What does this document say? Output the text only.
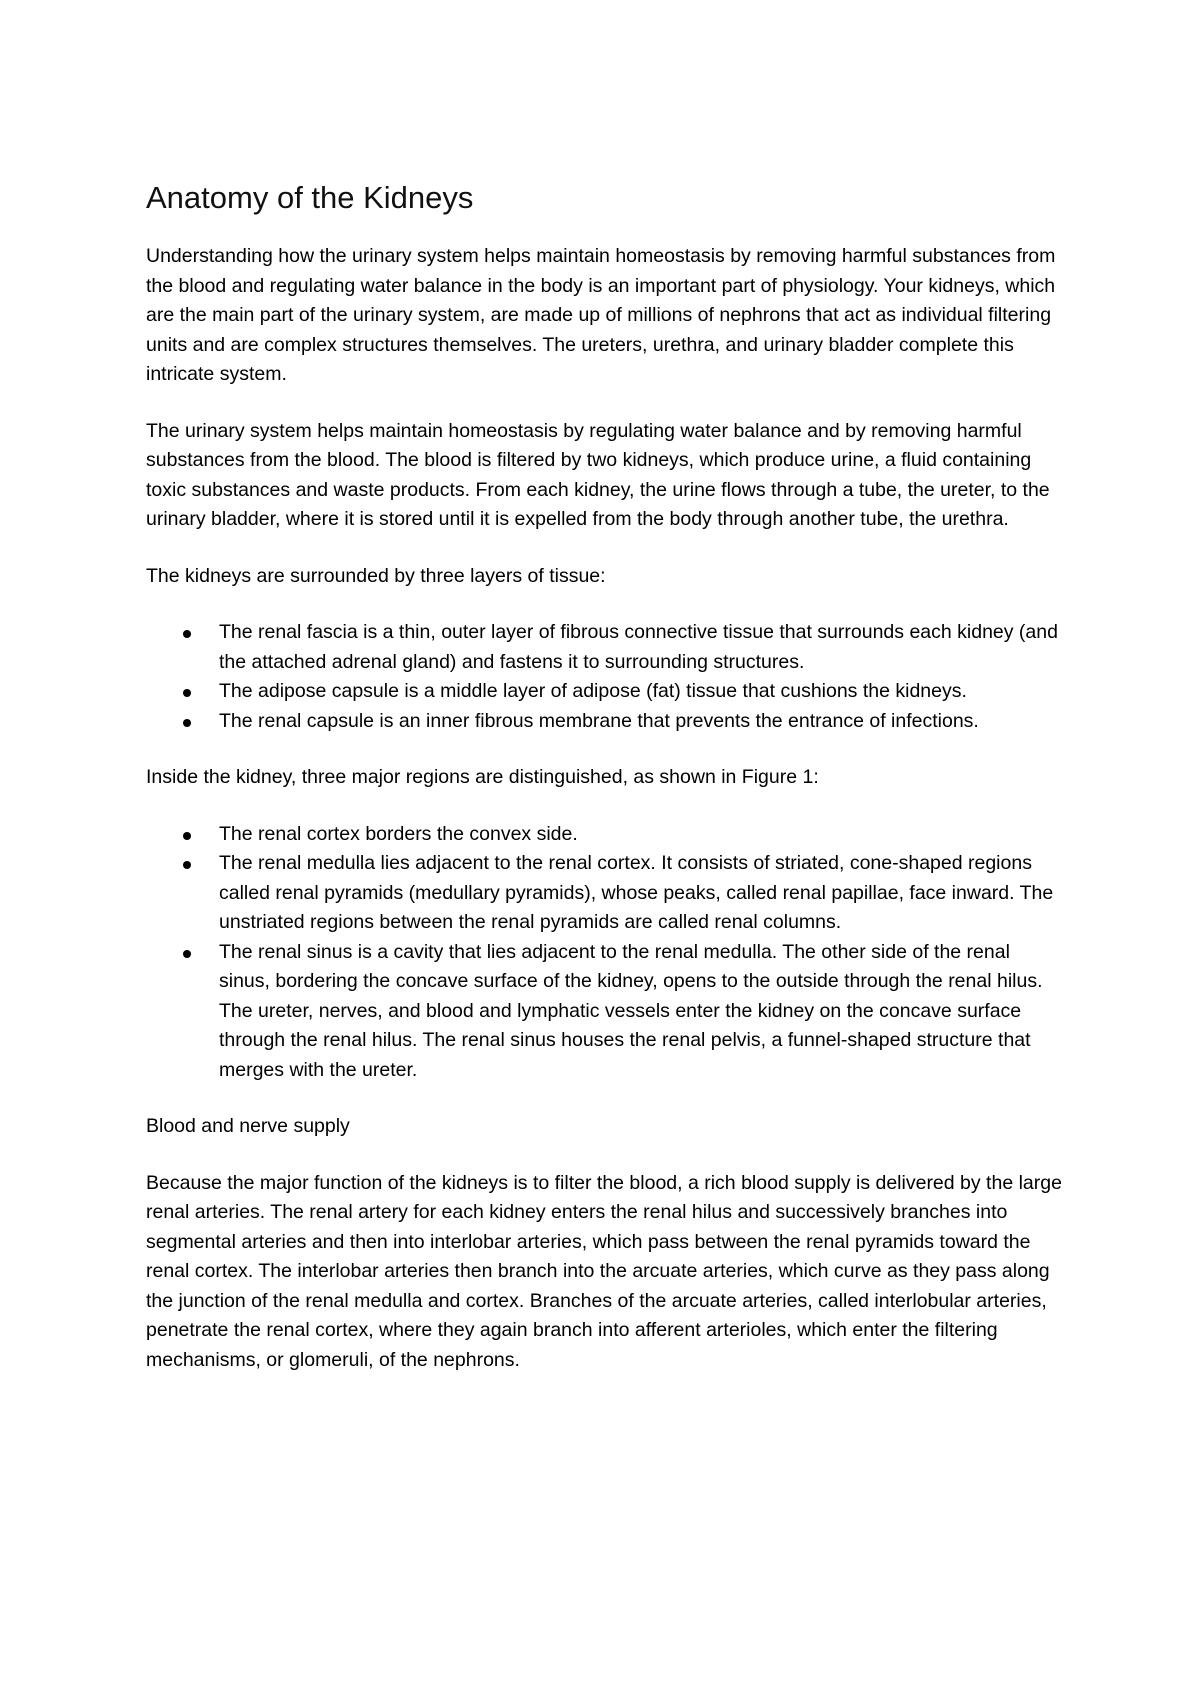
Anatomy of the Kidneys

Understanding how the urinary system helps maintain homeostasis by removing harmful substances from the blood and regulating water balance in the body is an important part of physiology. Your kidneys, which are the main part of the urinary system, are made up of millions of nephrons that act as individual filtering units and are complex structures themselves. The ureters, urethra, and urinary bladder complete this intricate system.

The urinary system helps maintain homeostasis by regulating water balance and by removing harmful substances from the blood. The blood is filtered by two kidneys, which produce urine, a fluid containing toxic substances and waste products. From each kidney, the urine flows through a tube, the ureter, to the urinary bladder, where it is stored until it is expelled from the body through another tube, the urethra.

The kidneys are surrounded by three layers of tissue:

The renal fascia is a thin, outer layer of fibrous connective tissue that surrounds each kidney (and the attached adrenal gland) and fastens it to surrounding structures.
The adipose capsule is a middle layer of adipose (fat) tissue that cushions the kidneys.
The renal capsule is an inner fibrous membrane that prevents the entrance of infections.

Inside the kidney, three major regions are distinguished, as shown in Figure 1:

The renal cortex borders the convex side.
The renal medulla lies adjacent to the renal cortex. It consists of striated, cone-shaped regions called renal pyramids (medullary pyramids), whose peaks, called renal papillae, face inward. The unstriated regions between the renal pyramids are called renal columns.
The renal sinus is a cavity that lies adjacent to the renal medulla. The other side of the renal sinus, bordering the concave surface of the kidney, opens to the outside through the renal hilus. The ureter, nerves, and blood and lymphatic vessels enter the kidney on the concave surface through the renal hilus. The renal sinus houses the renal pelvis, a funnel-shaped structure that merges with the ureter.

Blood and nerve supply

Because the major function of the kidneys is to filter the blood, a rich blood supply is delivered by the large renal arteries. The renal artery for each kidney enters the renal hilus and successively branches into segmental arteries and then into interlobar arteries, which pass between the renal pyramids toward the renal cortex. The interlobar arteries then branch into the arcuate arteries, which curve as they pass along the junction of the renal medulla and cortex. Branches of the arcuate arteries, called interlobular arteries, penetrate the renal cortex, where they again branch into afferent arterioles, which enter the filtering mechanisms, or glomeruli, of the nephrons.
